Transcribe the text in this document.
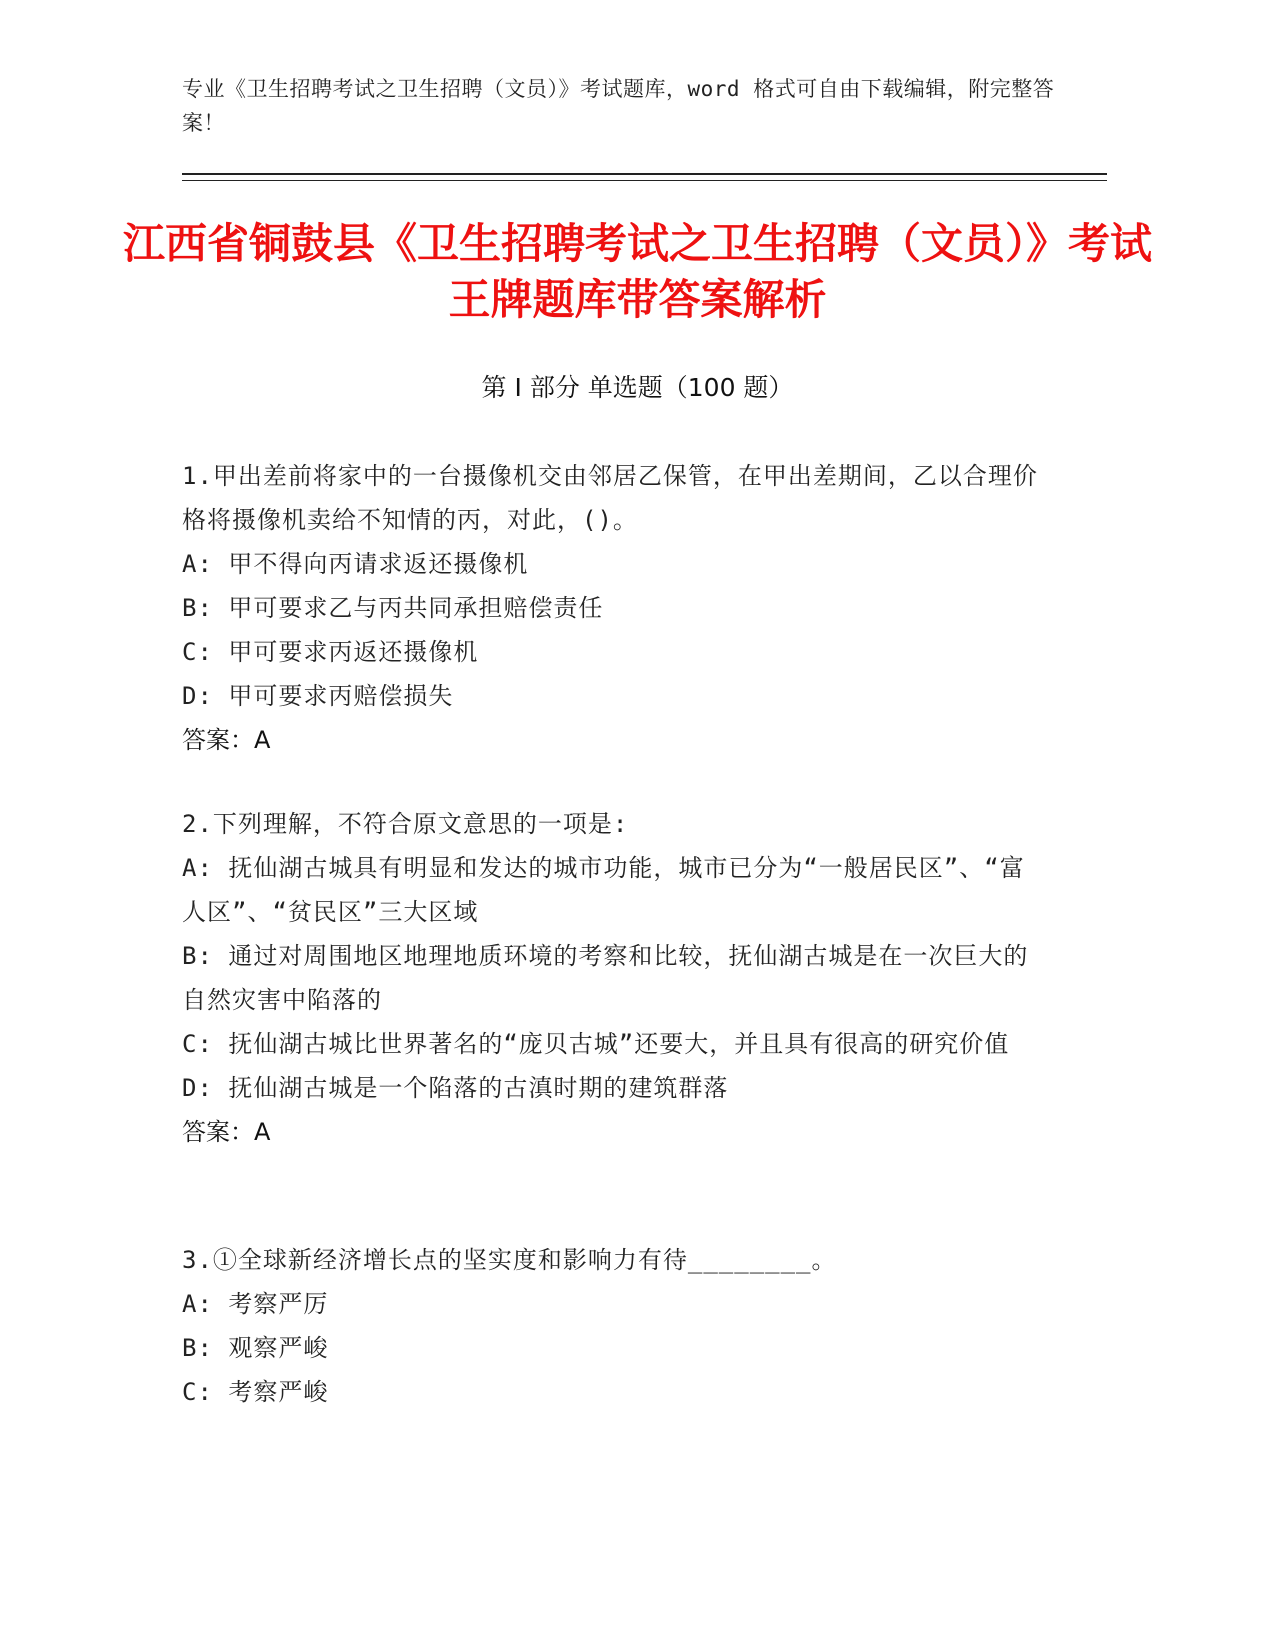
专业《卫生招聘考试之卫生招聘（文员）》考试题库，word 格式可自由下载编辑，附完整答案！
江西省铜鼓县《卫生招聘考试之卫生招聘（文员）》考试王牌题库带答案解析
第 I 部分 单选题（100 题）
1.甲出差前将家中的一台摄像机交由邻居乙保管，在甲出差期间，乙以合理价格将摄像机卖给不知情的丙，对此，()。
A: 甲不得向丙请求返还摄像机
B: 甲可要求乙与丙共同承担赔偿责任
C: 甲可要求丙返还摄像机
D: 甲可要求丙赔偿损失
答案：A
2.下列理解，不符合原文意思的一项是:
A: 抚仙湖古城具有明显和发达的城市功能，城市已分为“一般居民区”、“富人区”、“贫民区”三大区域
B: 通过对周围地区地理地质环境的考察和比较，抚仙湖古城是在一次巨大的自然灾害中陷落的
C: 抚仙湖古城比世界著名的“庞贝古城”还要大，并且具有很高的研究价值
D: 抚仙湖古城是一个陷落的古滇时期的建筑群落
答案：A
3.①全球新经济增长点的坚实度和影响力有待________。
A: 考察严厉
B: 观察严峻
C: 考察严峻
